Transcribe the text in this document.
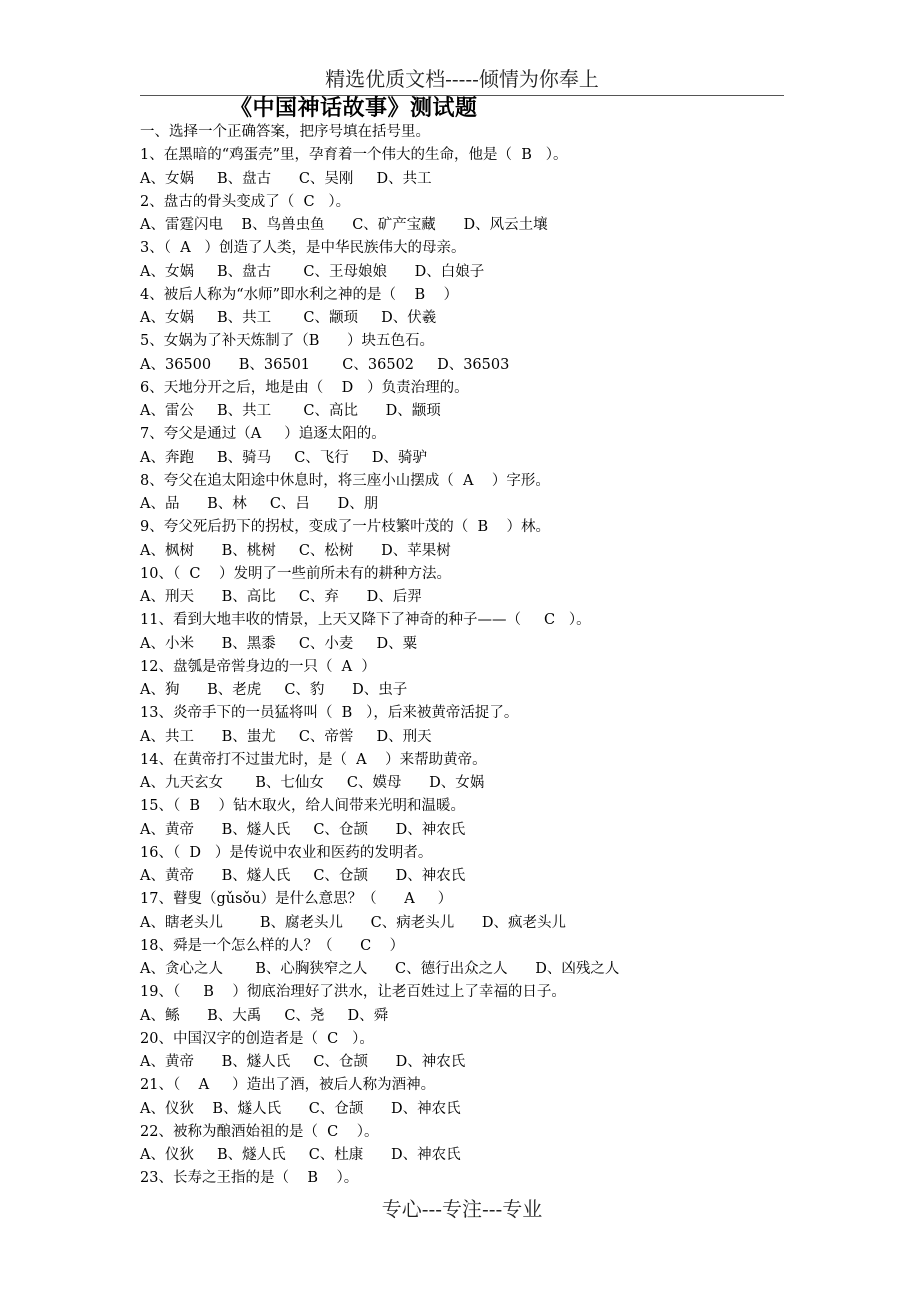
精选优质文档-----倾情为你奉上
《中国神话故事》测试题
一、选择一个正确答案，把序号填在括号里。
1、在黑暗的“鸡蛋壳”里，孕育着一个伟大的生命，他是（  B   ）。
A、女娲     B、盘古      C、吴刚     D、共工
2、盘古的骨头变成了（  C   ）。
A、雷霆闪电    B、鸟兽虫鱼      C、矿产宝藏      D、风云土壤
3、（  A   ）创造了人类，是中华民族伟大的母亲。
A、女娲     B、盘古       C、王母娘娘      D、白娘子
4、被后人称为“水师”即水利之神的是（    B    ）
A、女娲     B、共工       C、颛顼     D、伏羲
5、女娲为了补天炼制了（B      ）块五色石。
A、36500      B、36501       C、36502     D、36503
6、天地分开之后，地是由（    D   ）负责治理的。
A、雷公     B、共工       C、高比      D、颛顼
7、夸父是通过（A     ）追逐太阳的。
A、奔跑     B、骑马     C、飞行     D、骑驴
8、夸父在追太阳途中休息时，将三座小山摆成（  A    ）字形。
A、品      B、林     C、吕      D、朋
9、夸父死后扔下的拐杖，变成了一片枝繁叶茂的（  B    ）林。
A、枫树      B、桃树     C、松树      D、苹果树
10、（  C    ）发明了一些前所未有的耕种方法。
A、刑天      B、高比     C、弃      D、后羿
11、看到大地丰收的情景，上天又降下了神奇的种子——（     C   ）。
A、小米      B、黑黍     C、小麦     D、粟
12、盘瓠是帝喾身边的一只（  A  ）
A、狗      B、老虎     C、豹      D、虫子
13、炎帝手下的一员猛将叫（  B   ），后来被黄帝活捉了。
A、共工      B、蚩尤     C、帝喾     D、刑天
14、在黄帝打不过蚩尤时，是（  A    ）来帮助黄帝。
A、九天玄女       B、七仙女     C、嫫母      D、女娲
15、（  B    ）钻木取火，给人间带来光明和温暖。
A、黄帝      B、燧人氏     C、仓颉      D、神农氏
16、（  D   ）是传说中农业和医药的发明者。
A、黄帝      B、燧人氏     C、仓颉      D、神农氏
17、瞽叟（gǔsǒu）是什么意思？（      A     ）
A、瞎老头儿        B、腐老头儿      C、病老头儿      D、疯老头儿
18、舜是一个怎么样的人？（      C    ）
A、贪心之人       B、心胸狭窄之人      C、德行出众之人      D、凶残之人
19、（     B    ）彻底治理好了洪水，让老百姓过上了幸福的日子。
A、鲧      B、大禹     C、尧     D、舜
20、中国汉字的创造者是（  C   ）。
A、黄帝      B、燧人氏     C、仓颉      D、神农氏
21、（    A     ）造出了酒，被后人称为酒神。
A、仪狄    B、燧人氏      C、仓颉      D、神农氏
22、被称为酿酒始祖的是（  C    ）。
A、仪狄     B、燧人氏     C、杜康      D、神农氏
23、长寿之王指的是（    B    ）。
专心---专注---专业
